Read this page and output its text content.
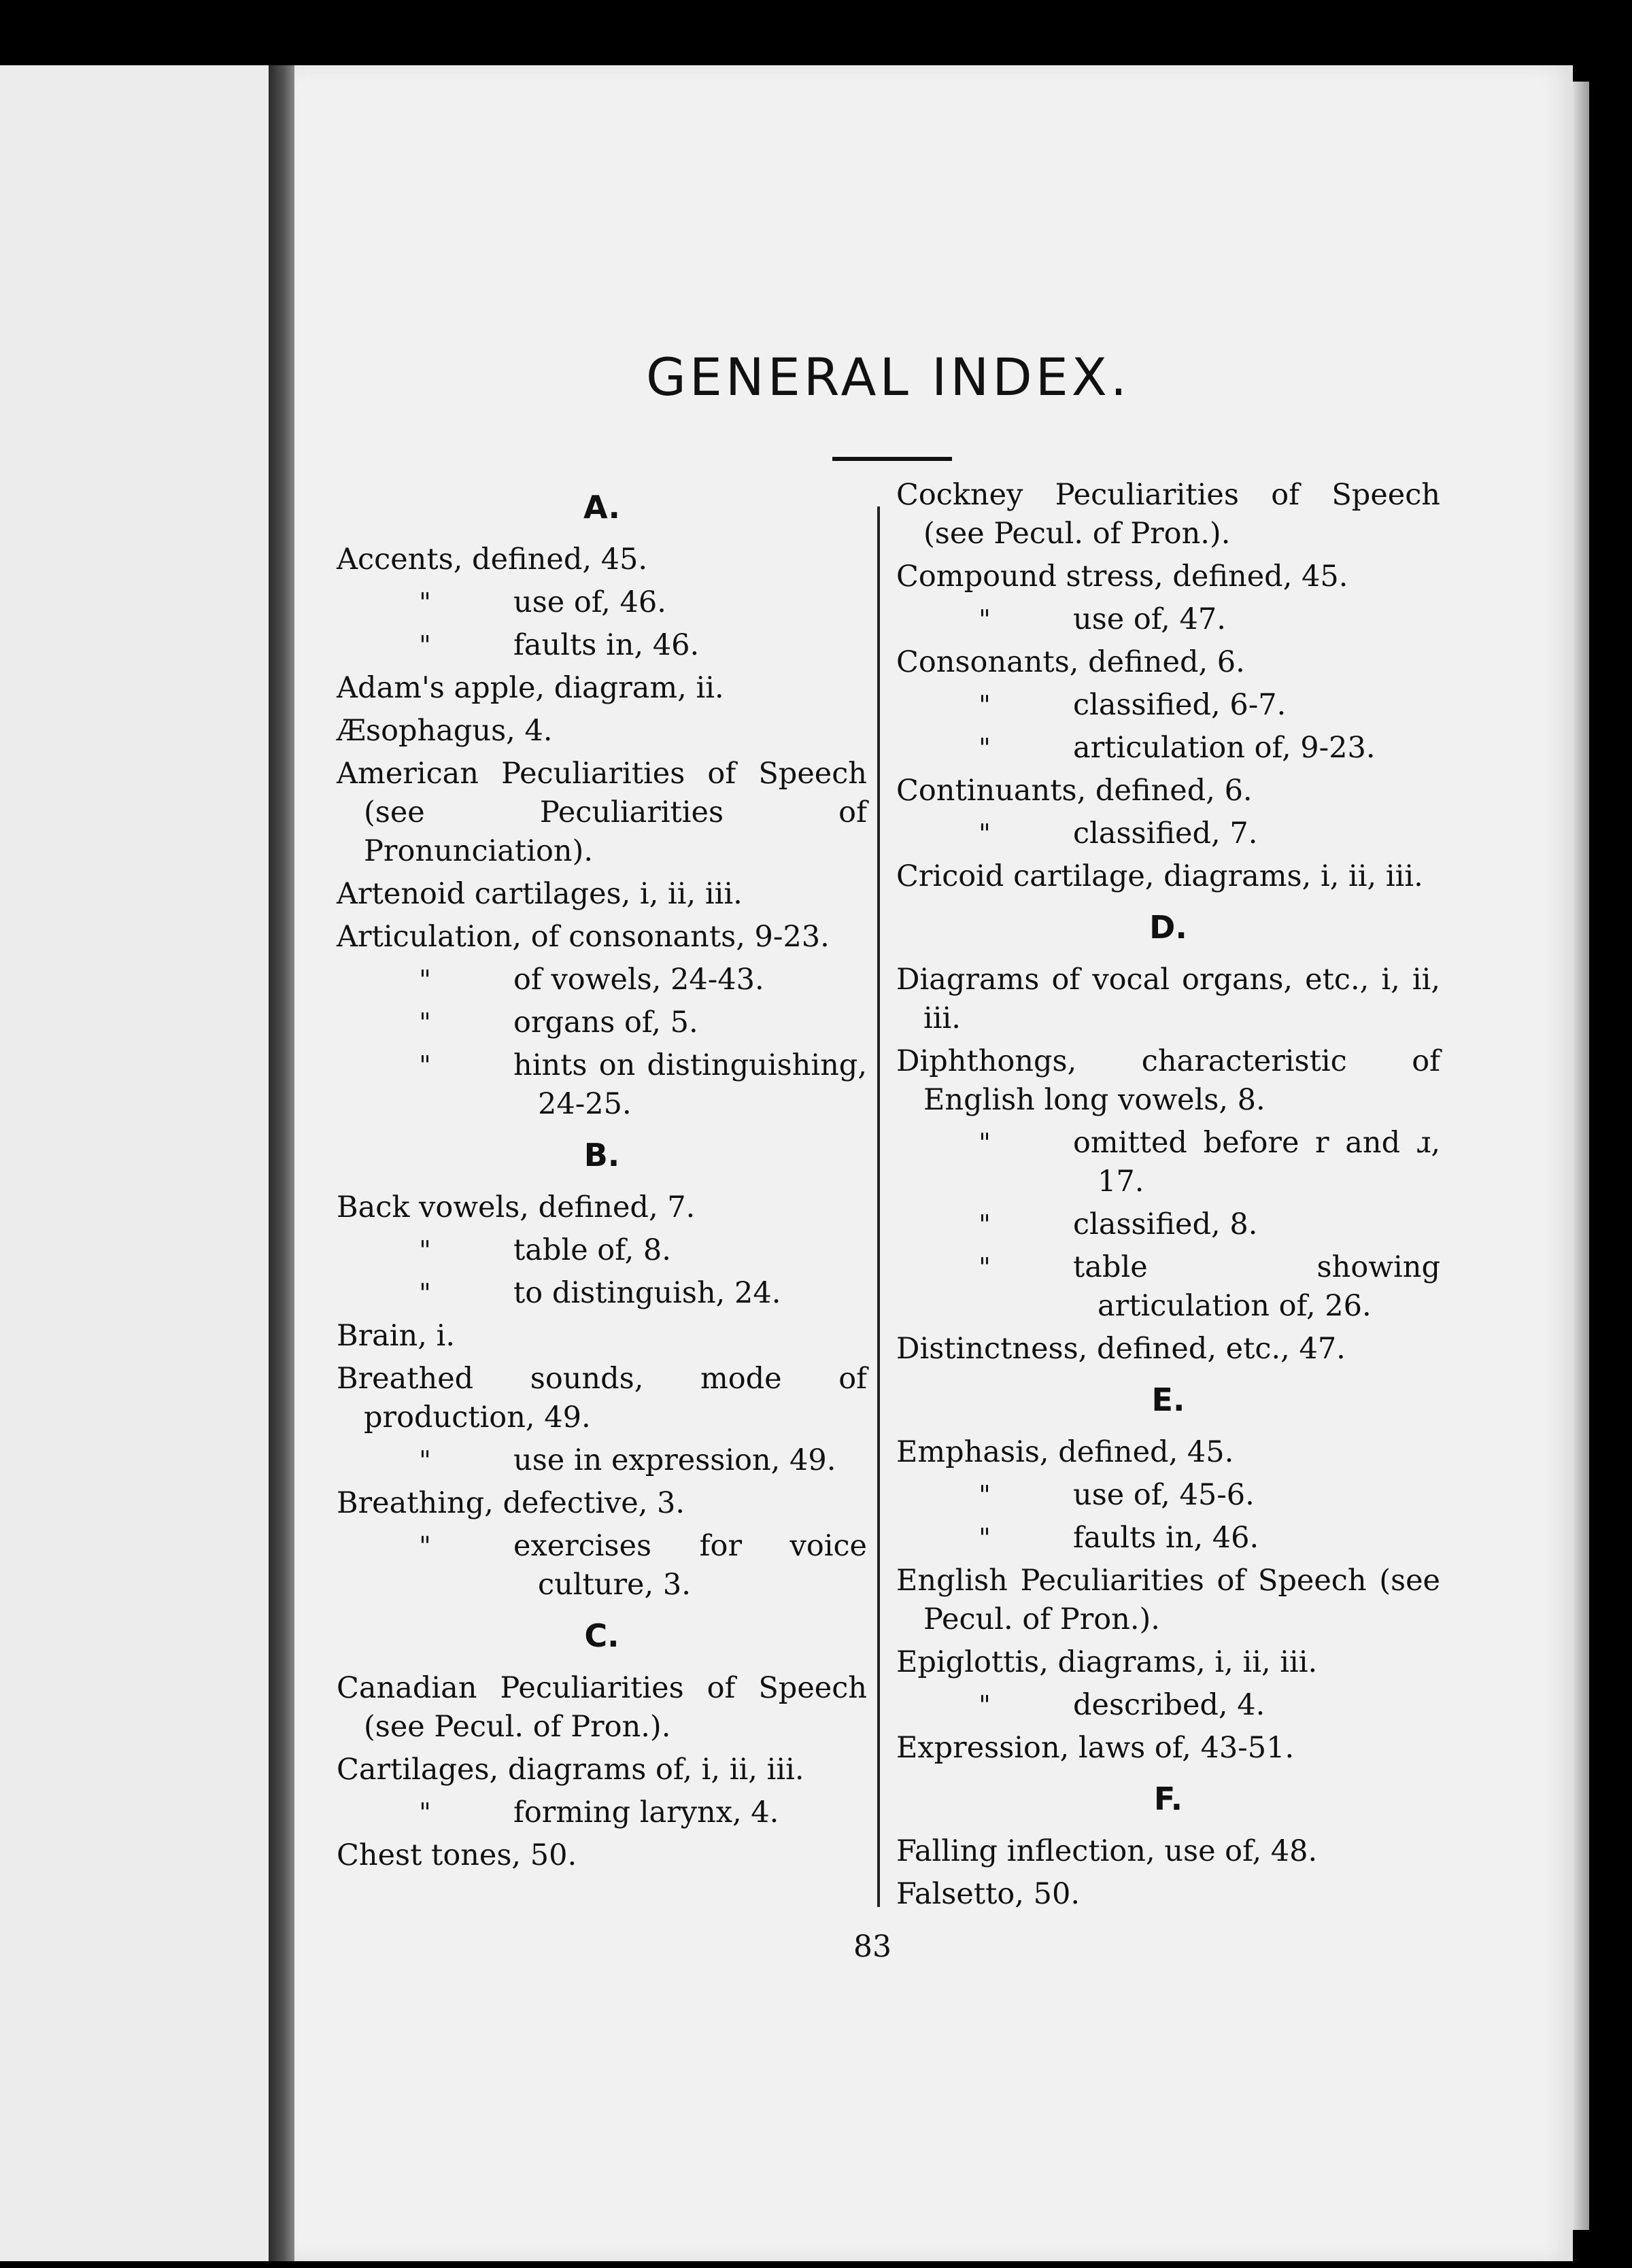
GENERAL INDEX.
A.
Accents, defined, 45.
"	use of, 46.
"	faults in, 46.
Adam's apple, diagram, ii.
Æsophagus, 4.
American Peculiarities of Speech (see Peculiarities of Pronunciation).
Artenoid cartilages, i, ii, iii.
Articulation, of consonants, 9-23.
"	of vowels, 24-43.
"	organs of, 5.
"	hints on distinguishing, 24-25.
B.
Back vowels, defined, 7.
"	table of, 8.
"	to distinguish, 24.
Brain, i.
Breathed sounds, mode of production, 49.
"	use in expression, 49.
Breathing, defective, 3.
"	exercises for voice culture, 3.
C.
Canadian Peculiarities of Speech (see Pecul. of Pron.).
Cartilages, diagrams of, i, ii, iii.
"	forming larynx, 4.
Chest tones, 50.
Cockney Peculiarities of Speech (see Pecul. of Pron.).
Compound stress, defined, 45.
"	use of, 47.
Consonants, defined, 6.
"	classified, 6-7.
"	articulation of, 9-23.
Continuants, defined, 6.
"	classified, 7.
Cricoid cartilage, diagrams, i, ii, iii.
D.
Diagrams of vocal organs, etc., i, ii, iii.
Diphthongs, characteristic of English long vowels, 8.
"	omitted before r and ɹ, 17.
"	classified, 8.
"	table showing articulation of, 26.
Distinctness, defined, etc., 47.
E.
Emphasis, defined, 45.
"	use of, 45-6.
"	faults in, 46.
English Peculiarities of Speech (see Pecul. of Pron.).
Epiglottis, diagrams, i, ii, iii.
"	described, 4.
Expression, laws of, 43-51.
F.
Falling inflection, use of, 48.
Falsetto, 50.
83
